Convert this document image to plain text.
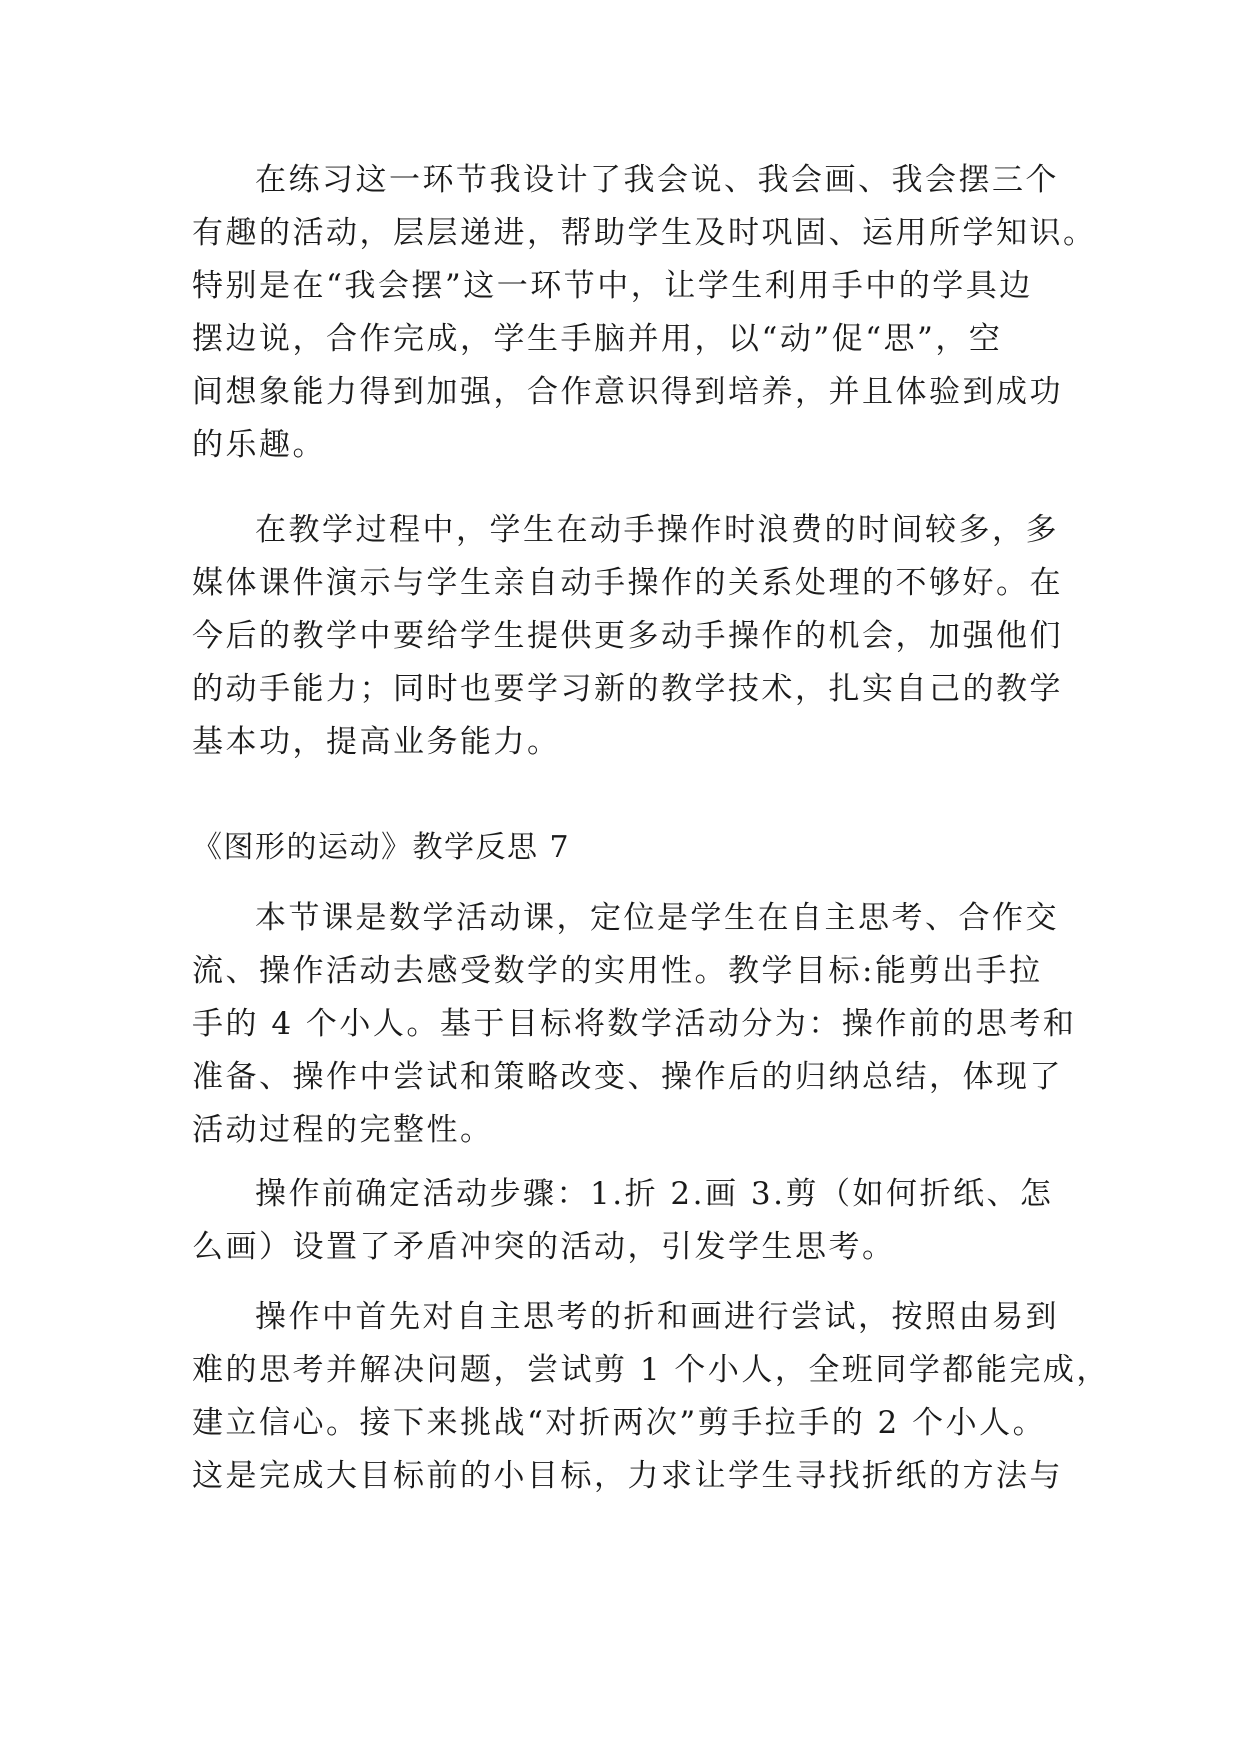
在练习这一环节我设计了我会说、我会画、我会摆三个
有趣的活动，层层递进，帮助学生及时巩固、运用所学知识。
特别是在“我会摆”这一环节中，让学生利用手中的学具边
摆边说，合作完成，学生手脑并用，以“动”促“思”，空
间想象能力得到加强，合作意识得到培养，并且体验到成功
的乐趣。
在教学过程中，学生在动手操作时浪费的时间较多，多
媒体课件演示与学生亲自动手操作的关系处理的不够好。在
今后的教学中要给学生提供更多动手操作的机会，加强他们
的动手能力；同时也要学习新的教学技术，扎实自己的教学
基本功，提高业务能力。
《图形的运动》教学反思 7
本节课是数学活动课，定位是学生在自主思考、合作交
流、操作活动去感受数学的实用性。教学目标:能剪出手拉
手的 4 个小人。基于目标将数学活动分为：操作前的思考和
准备、操作中尝试和策略改变、操作后的归纳总结，体现了
活动过程的完整性。
操作前确定活动步骤：1.折 2.画 3.剪（如何折纸、怎
么画）设置了矛盾冲突的活动，引发学生思考。
操作中首先对自主思考的折和画进行尝试，按照由易到
难的思考并解决问题，尝试剪 1 个小人，全班同学都能完成，
建立信心。接下来挑战“对折两次”剪手拉手的 2 个小人。
这是完成大目标前的小目标，力求让学生寻找折纸的方法与
